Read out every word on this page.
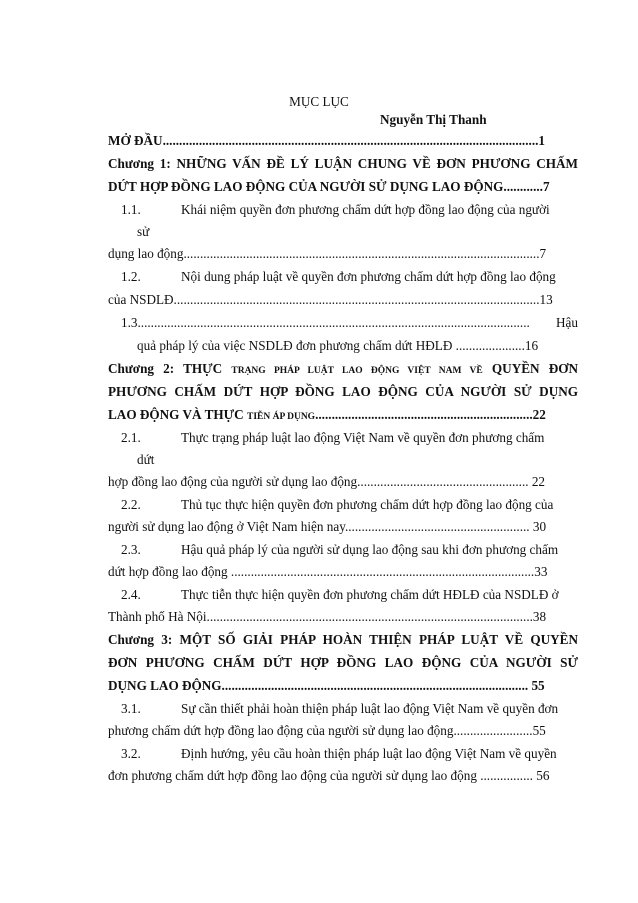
MỤC LỤC
Nguyễn Thị Thanh
MỞ ĐẦU..................................................................................................................1
Chương 1: NHỮNG VẤN ĐỀ LÝ LUẬN CHUNG VỀ ĐƠN PHƯƠNG CHẤM
DỨT HỢP ĐỒNG LAO ĐỘNG CỦA NGƯỜI SỬ DỤNG LAO ĐỘNG............7
1.1.	Khái niệm quyền đơn phương chấm dứt hợp đồng lao động của người
sử
dụng lao động............................................................................................................7
1.2.	Nội dung pháp luật về quyền đơn phương chấm dứt hợp đồng lao động
của NSDLĐ...............................................................................................................13
1.3....................................................................................................................... Hậu
quả pháp lý của việc NSDLĐ đơn phương chấm dứt HĐLĐ .....................16
Chương 2: THỰC TRẠNG PHÁP LUẬT LAO ĐỘNG VIỆT NAM VỀ QUYỀN ĐƠN
PHƯƠNG CHẤM DỨT HỢP ĐỒNG LAO ĐỘNG CỦA NGƯỜI SỬ DỤNG
LAO ĐỘNG VÀ THỰC TIỄN ÁP DỤNG..................................................................22
2.1.	Thực trạng pháp luật lao động Việt Nam về quyền đơn phương chấm
dứt
hợp đồng lao động của người sử dụng lao động.................................................... 22
2.2.	Thủ tục thực hiện quyền đơn phương chấm dứt hợp đồng lao động của
người sử dụng lao động ở Việt Nam hiện nay........................................................ 30
2.3.	Hậu quả pháp lý của người sử dụng lao động sau khi đơn phương chấm
dứt hợp đồng lao động ............................................................................................33
2.4.	Thực tiễn thực hiện quyền đơn phương chấm dứt HĐLĐ của NSDLĐ ở
Thành phố Hà Nội...................................................................................................38
Chương 3: MỘT SỐ GIẢI PHÁP HOÀN THIỆN PHÁP LUẬT VỀ QUYỀN
ĐƠN PHƯƠNG CHẤM DỨT HỢP ĐỒNG LAO ĐỘNG CỦA NGƯỜI SỬ
DỤNG LAO ĐỘNG............................................................................................. 55
3.1.	Sự cần thiết phải hoàn thiện pháp luật lao động Việt Nam về quyền đơn
phương chấm dứt hợp đồng lao động của người sử dụng lao động........................55
3.2.	Định hướng, yêu cầu hoàn thiện pháp luật lao động Việt Nam về quyền
đơn phương chấm dứt hợp đồng lao động của người sử dụng lao động ................ 56
